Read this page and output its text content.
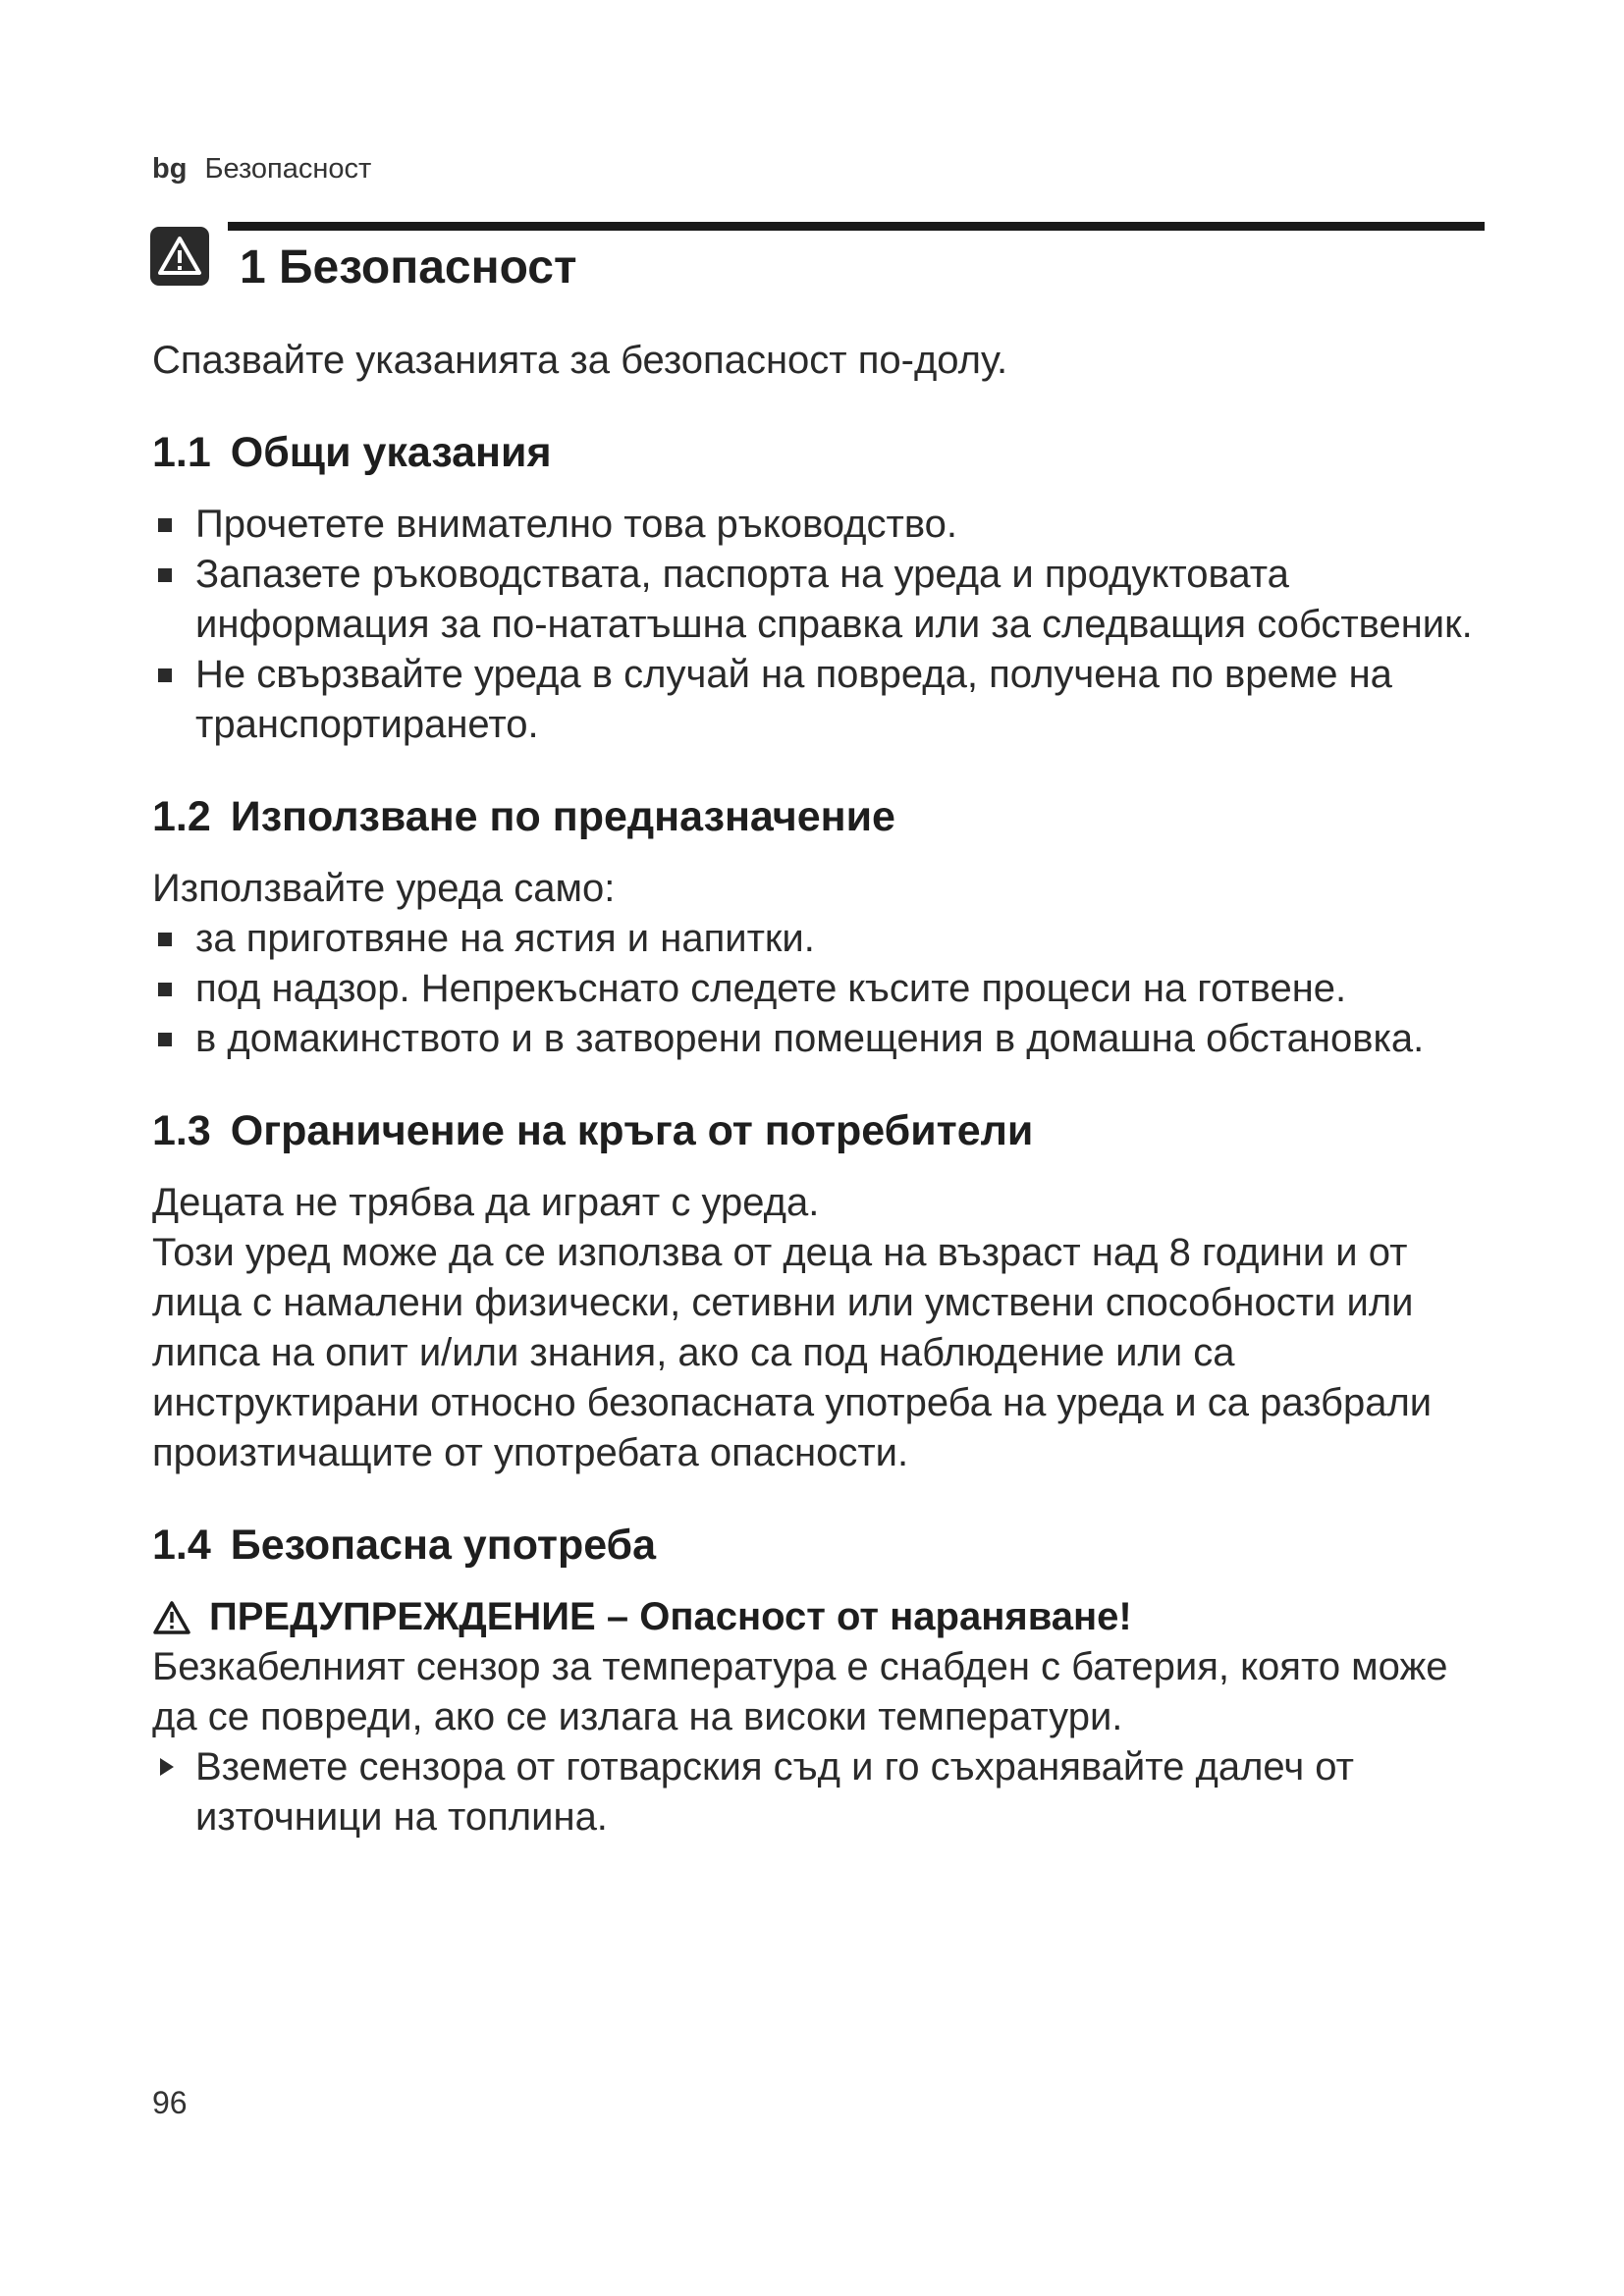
bg Безопасност
1 Безопасност

Спазвайте указанията за безопасност по-долу.

1.1 Общи указания
Прочетете внимателно това ръководство.
Запазете ръководствата, паспорта на уреда и продуктовата информация за по-нататъшна справка или за следващия собственик.
Не свързвайте уреда в случай на повреда, получена по време на транспортирането.
1.2 Използване по предназначение

Използвайте уреда само:

за приготвяне на ястия и напитки.
под надзор. Непрекъснато следете късите процеси на готвене.
в домакинството и в затворени помещения в домашна обстановка.
1.3 Ограничение на кръга от потребители

Децата не трябва да играят с уреда.

Този уред може да се използва от деца на възраст над 8 години и от лица с намалени физически, сетивни или умствени способности или липса на опит и/или знания, ако са под наблюдение или са инструктирани относно безопасната употреба на уреда и са разбрали произтичащите от употребата опасности.

1.4 Безопасна употреба
ПРЕДУПРЕЖДЕНИЕ – Опасност от нараняване!

Безкабелният сензор за температура е снабден с батерия, която може да се повреди, ако се излага на високи температури.

Вземете сензора от готварския съд и го съхранявайте далеч от източници на топлина.
96
